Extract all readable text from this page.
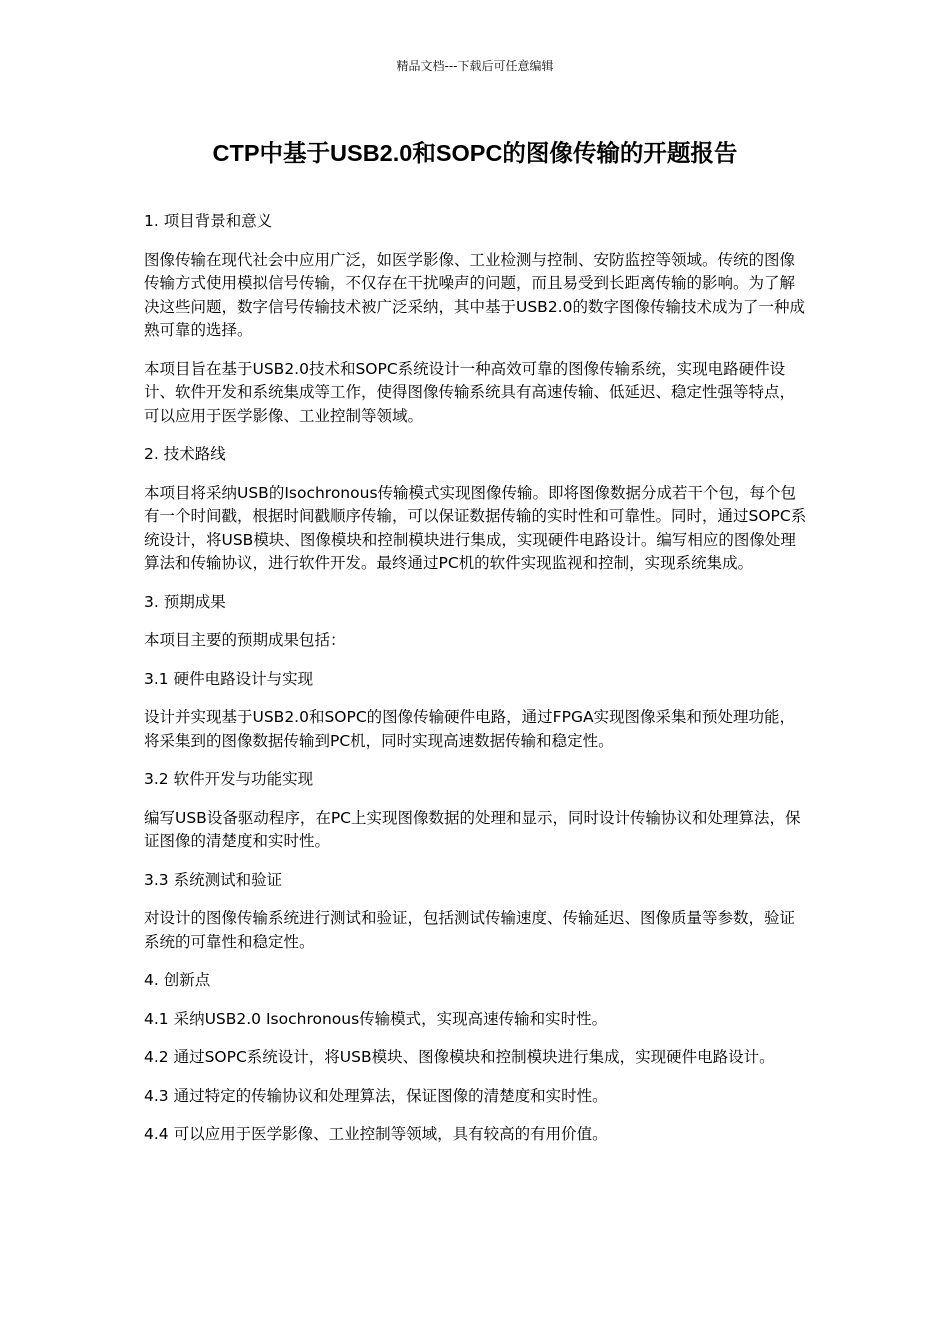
精品文档---下载后可任意编辑
CTP中基于USB2.0和SOPC的图像传输的开题报告

1. 项目背景和意义

图像传输在现代社会中应用广泛，如医学影像、工业检测与控制、安防监控等领域。传统的图像传输方式使用模拟信号传输，不仅存在干扰噪声的问题，而且易受到长距离传输的影响。为了解决这些问题，数字信号传输技术被广泛采纳，其中基于USB2.0的数字图像传输技术成为了一种成熟可靠的选择。

本项目旨在基于USB2.0技术和SOPC系统设计一种高效可靠的图像传输系统，实现电路硬件设计、软件开发和系统集成等工作，使得图像传输系统具有高速传输、低延迟、稳定性强等特点，可以应用于医学影像、工业控制等领域。

2. 技术路线

本项目将采纳USB的Isochronous传输模式实现图像传输。即将图像数据分成若干个包，每个包有一个时间戳，根据时间戳顺序传输，可以保证数据传输的实时性和可靠性。同时，通过SOPC系统设计，将USB模块、图像模块和控制模块进行集成，实现硬件电路设计。编写相应的图像处理算法和传输协议，进行软件开发。最终通过PC机的软件实现监视和控制，实现系统集成。

3. 预期成果

本项目主要的预期成果包括：

3.1 硬件电路设计与实现

设计并实现基于USB2.0和SOPC的图像传输硬件电路，通过FPGA实现图像采集和预处理功能，将采集到的图像数据传输到PC机，同时实现高速数据传输和稳定性。

3.2 软件开发与功能实现

编写USB设备驱动程序，在PC上实现图像数据的处理和显示，同时设计传输协议和处理算法，保证图像的清楚度和实时性。

3.3 系统测试和验证

对设计的图像传输系统进行测试和验证，包括测试传输速度、传输延迟、图像质量等参数，验证系统的可靠性和稳定性。

4. 创新点

4.1 采纳USB2.0 Isochronous传输模式，实现高速传输和实时性。

4.2 通过SOPC系统设计，将USB模块、图像模块和控制模块进行集成，实现硬件电路设计。

4.3 通过特定的传输协议和处理算法，保证图像的清楚度和实时性。

4.4 可以应用于医学影像、工业控制等领域，具有较高的有用价值。
